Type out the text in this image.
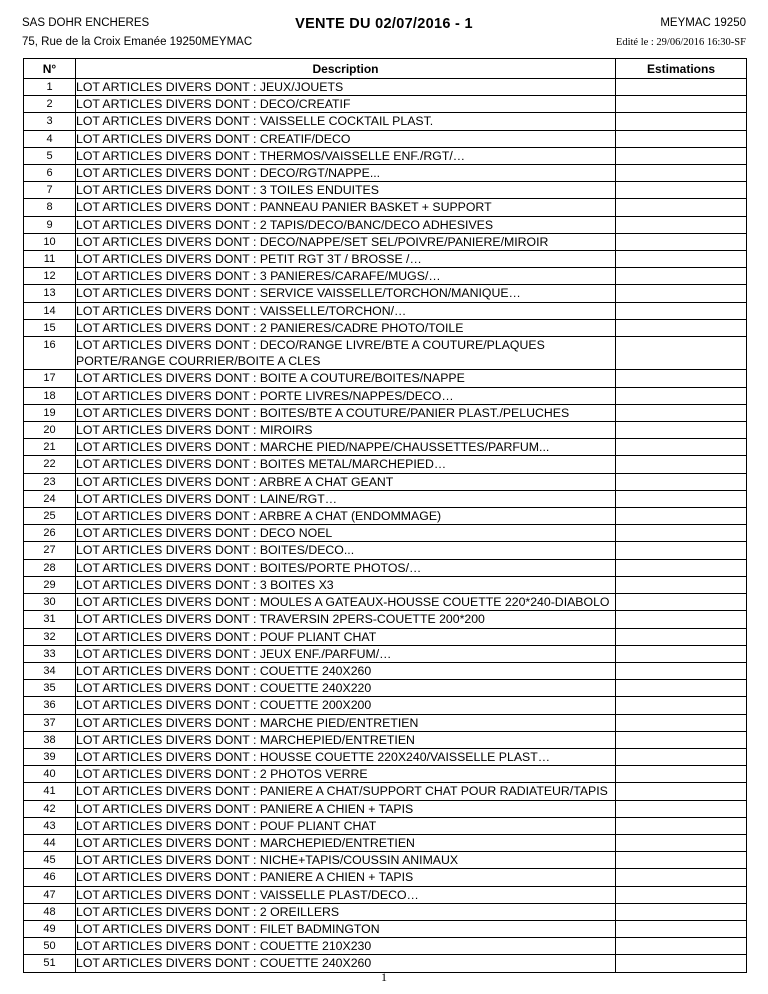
SAS DOHR ENCHERES
75, Rue de la Croix Emanée 19250MEYMAC
VENTE DU 02/07/2016 - 1	MEYMAC 19250
Edité le : 29/06/2016 16:30-SF
N°	Description	Estimations
1	LOT ARTICLES DIVERS DONT : JEUX/JOUETS	
2	LOT ARTICLES DIVERS DONT : DECO/CREATIF	
3	LOT ARTICLES DIVERS DONT : VAISSELLE COCKTAIL PLAST.	
4	LOT ARTICLES DIVERS DONT : CREATIF/DECO	
5	LOT ARTICLES DIVERS DONT : THERMOS/VAISSELLE ENF./RGT/…	
6	LOT ARTICLES DIVERS DONT : DECO/RGT/NAPPE...	
7	LOT ARTICLES DIVERS DONT : 3 TOILES ENDUITES	
8	LOT ARTICLES DIVERS DONT : PANNEAU PANIER BASKET + SUPPORT	
9	LOT ARTICLES DIVERS DONT : 2 TAPIS/DECO/BANC/DECO ADHESIVES	
10	LOT ARTICLES DIVERS DONT : DECO/NAPPE/SET SEL/POIVRE/PANIERE/MIROIR	
11	LOT ARTICLES DIVERS DONT : PETIT RGT 3T / BROSSE /…	
12	LOT ARTICLES DIVERS DONT : 3 PANIERES/CARAFE/MUGS/…	
13	LOT ARTICLES DIVERS DONT : SERVICE VAISSELLE/TORCHON/MANIQUE…	
14	LOT ARTICLES DIVERS DONT : VAISSELLE/TORCHON/…	
15	LOT ARTICLES DIVERS DONT : 2 PANIERES/CADRE PHOTO/TOILE	
16	LOT ARTICLES DIVERS DONT : DECO/RANGE LIVRE/BTE A COUTURE/PLAQUES PORTE/RANGE COURRIER/BOITE A CLES	
17	LOT ARTICLES DIVERS DONT : BOITE A COUTURE/BOITES/NAPPE	
18	LOT ARTICLES DIVERS DONT : PORTE LIVRES/NAPPES/DECO…	
19	LOT ARTICLES DIVERS DONT : BOITES/BTE A COUTURE/PANIER PLAST./PELUCHES	
20	LOT ARTICLES DIVERS DONT : MIROIRS	
21	LOT ARTICLES DIVERS DONT : MARCHE PIED/NAPPE/CHAUSSETTES/PARFUM...	
22	LOT ARTICLES DIVERS DONT : BOITES METAL/MARCHEPIED…	
23	LOT ARTICLES DIVERS DONT : ARBRE A CHAT GEANT	
24	LOT ARTICLES DIVERS DONT : LAINE/RGT…	
25	LOT ARTICLES DIVERS DONT : ARBRE A CHAT (ENDOMMAGE)	
26	LOT ARTICLES DIVERS DONT : DECO NOEL	
27	LOT ARTICLES DIVERS DONT : BOITES/DECO...	
28	LOT ARTICLES DIVERS DONT : BOITES/PORTE PHOTOS/…	
29	LOT ARTICLES DIVERS DONT : 3 BOITES X3	
30	LOT ARTICLES DIVERS DONT : MOULES A GATEAUX-HOUSSE COUETTE 220*240-DIABOLO	
31	LOT ARTICLES DIVERS DONT : TRAVERSIN 2PERS-COUETTE 200*200	
32	LOT ARTICLES DIVERS DONT : POUF PLIANT CHAT	
33	LOT ARTICLES DIVERS DONT : JEUX ENF./PARFUM/…	
34	LOT ARTICLES DIVERS DONT : COUETTE 240X260	
35	LOT ARTICLES DIVERS DONT : COUETTE 240X220	
36	LOT ARTICLES DIVERS DONT : COUETTE 200X200	
37	LOT ARTICLES DIVERS DONT : MARCHE PIED/ENTRETIEN	
38	LOT ARTICLES DIVERS DONT : MARCHEPIED/ENTRETIEN	
39	LOT ARTICLES DIVERS DONT : HOUSSE COUETTE 220X240/VAISSELLE PLAST…	
40	LOT ARTICLES DIVERS DONT : 2 PHOTOS VERRE	
41	LOT ARTICLES DIVERS DONT : PANIERE A CHAT/SUPPORT CHAT POUR RADIATEUR/TAPIS	
42	LOT ARTICLES DIVERS DONT : PANIERE A CHIEN + TAPIS	
43	LOT ARTICLES DIVERS DONT : POUF PLIANT CHAT	
44	LOT ARTICLES DIVERS DONT : MARCHEPIED/ENTRETIEN	
45	LOT ARTICLES DIVERS DONT : NICHE+TAPIS/COUSSIN ANIMAUX	
46	LOT ARTICLES DIVERS DONT : PANIERE A CHIEN + TAPIS	
47	LOT ARTICLES DIVERS DONT : VAISSELLE PLAST/DECO…	
48	LOT ARTICLES DIVERS DONT : 2 OREILLERS	
49	LOT ARTICLES DIVERS DONT : FILET BADMINGTON	
50	LOT ARTICLES DIVERS DONT : COUETTE 210X230	
51	LOT ARTICLES DIVERS DONT : COUETTE 240X260	
1
